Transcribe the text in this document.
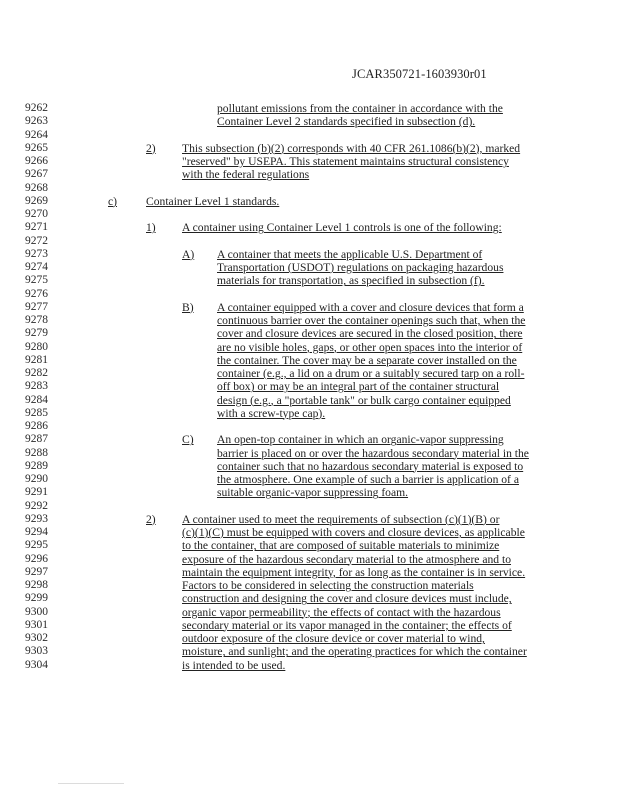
JCAR350721-1603930r01
9262
9263
9264
9265
9266
9267
9268
9269
9270
9271
9272
9273
9274
9275
9276
9277
9278
9279
9280
9281
9282
9283
9284
9285
9286
9287
9288
9289
9290
9291
9292
9293
9294
9295
9296
9297
9298
9299
9300
9301
9302
9303
9304
pollutant emissions from the container in accordance with the
Container Level 2 standards specified in subsection (d).
2) This subsection (b)(2) corresponds with 40 CFR 261.1086(b)(2), marked
"reserved" by USEPA. This statement maintains structural consistency
with the federal regulations
c) Container Level 1 standards.
1) A container using Container Level 1 controls is one of the following:
A) A container that meets the applicable U.S. Department of
Transportation (USDOT) regulations on packaging hazardous
materials for transportation, as specified in subsection (f).
B) A container equipped with a cover and closure devices that form a
continuous barrier over the container openings such that, when the
cover and closure devices are secured in the closed position, there
are no visible holes, gaps, or other open spaces into the interior of
the container. The cover may be a separate cover installed on the
container (e.g., a lid on a drum or a suitably secured tarp on a roll-
off box) or may be an integral part of the container structural
design (e.g., a "portable tank" or bulk cargo container equipped
with a screw-type cap).
C) An open-top container in which an organic-vapor suppressing
barrier is placed on or over the hazardous secondary material in the
container such that no hazardous secondary material is exposed to
the atmosphere. One example of such a barrier is application of a
suitable organic-vapor suppressing foam.
2) A container used to meet the requirements of subsection (c)(1)(B) or
(c)(1)(C) must be equipped with covers and closure devices, as applicable
to the container, that are composed of suitable materials to minimize
exposure of the hazardous secondary material to the atmosphere and to
maintain the equipment integrity, for as long as the container is in service.
Factors to be considered in selecting the construction materials
construction and designing the cover and closure devices must include,
organic vapor permeability; the effects of contact with the hazardous
secondary material or its vapor managed in the container; the effects of
outdoor exposure of the closure device or cover material to wind,
moisture, and sunlight; and the operating practices for which the container
is intended to be used.
